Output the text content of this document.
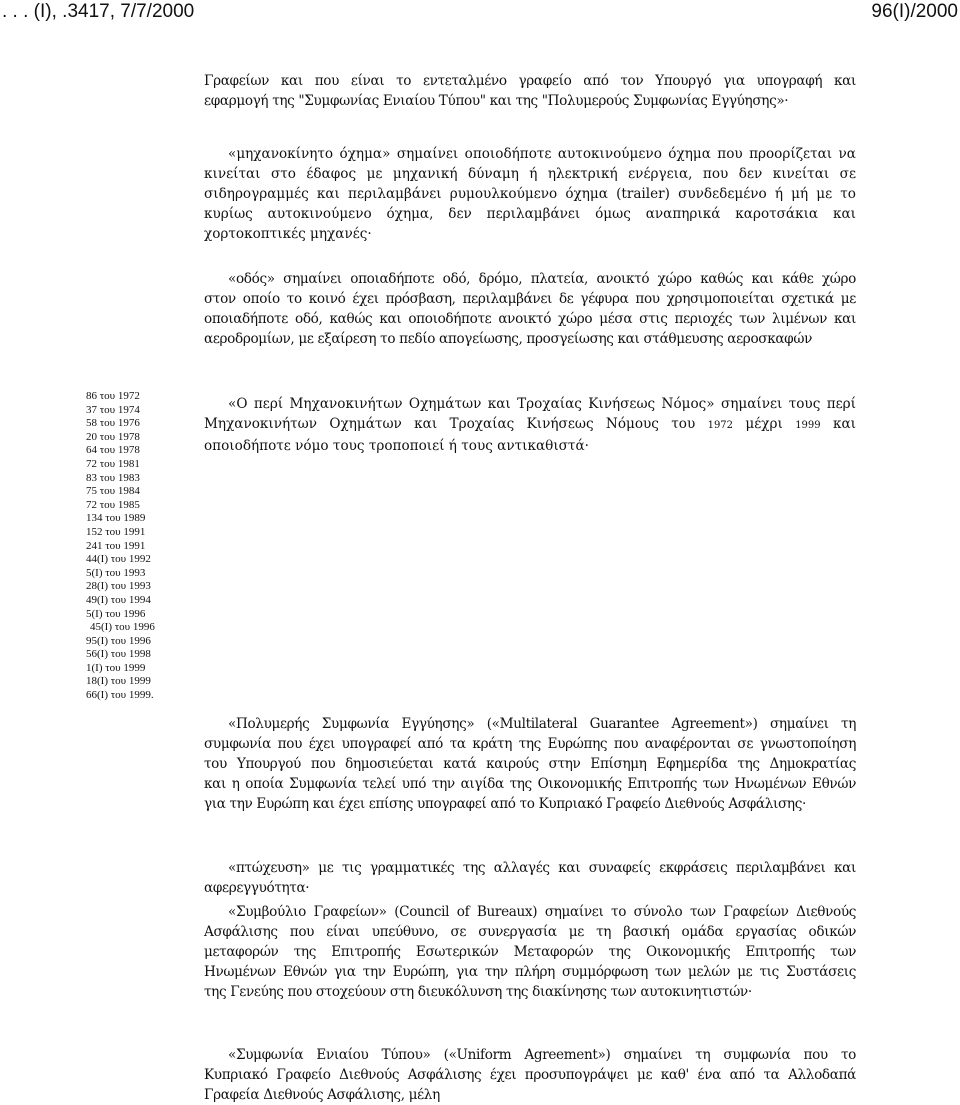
. . . (Ι), .3417, 7/7/2000	96(Ι)/2000
Γραφείων και που είναι το εντεταλμένο γραφείο από τον Υπουργό για υπογραφή και
εφαρμογή της "Συμφωνίας Ενιαίου Τύπου" και της "Πολυμερούς Συμφωνίας Εγγύησης»·
«μηχανοκίνητο όχημα» σημαίνει οποιοδήποτε αυτοκινούμενο όχημα που προορίζεται να
κινείται στο έδαφος με μηχανική δύναμη ή ηλεκτρική ενέργεια, που δεν κινείται σε
σιδηρογραμμές και περιλαμβάνει ρυμουλκούμενο όχημα (trailer) συνδεδεμένο ή μή με το
κυρίως αυτοκινούμενο όχημα, δεν περιλαμβάνει όμως αναπηρικά καροτσάκια και
χορτοκοπτικές μηχανές·
«οδός» σημαίνει οποιαδήποτε οδό, δρόμο, πλατεία, ανοικτό χώρο καθώς και κάθε χώρο
στον οποίο το κοινό έχει πρόσβαση, περιλαμβάνει δε γέφυρα που χρησιμοποιείται σχετικά με
οποιαδήποτε οδό, καθώς και οποιοδήποτε ανοικτό χώρο μέσα στις περιοχές των λιμένων και
αεροδρομίων, με εξαίρεση το πεδίο απογείωσης, προσγείωσης και στάθμευσης αεροσκαφών
86 του 1972
37 του 1974
58 του 1976
20 του 1978
64 του 1978
72 του 1981
83 του 1983
75 του 1984
72 του 1985
134 του 1989
152 του 1991
241 του 1991
44(Ι) του 1992
5(Ι) του 1993
28(Ι) του 1993
49(Ι) του 1994
5(Ι) του 1996
45(Ι) του 1996
95(Ι) του 1996
56(Ι) του 1998
1(Ι) του 1999
18(Ι) του 1999
66(Ι) του 1999.
«Ο περί Μηχανοκινήτων Οχημάτων και Τροχαίας Κινήσεως Νόμος» σημαίνει τους περί
Μηχανοκινήτων Οχημάτων και Τροχαίας Κινήσεως Νόμους του 1972 μέχρι 1999 και
οποιοδήποτε νόμο τους τροποποιεί ή τους αντικαθιστά·
«Πολυμερής Συμφωνία Εγγύησης» («Multilateral Guarantee Agreement») σημαίνει τη
συμφωνία που έχει υπογραφεί από τα κράτη της Ευρώπης που αναφέρονται σε γνωστοποίηση
του Υπουργού που δημοσιεύεται κατά καιρούς στην Επίσημη Εφημερίδα της Δημοκρατίας
και η οποία Συμφωνία τελεί υπό την αιγίδα της Οικονομικής Επιτροπής των Ηνωμένων Εθνών
για την Ευρώπη και έχει επίσης υπογραφεί από το Κυπριακό Γραφείο Διεθνούς Ασφάλισης·
«πτώχευση» με τις γραμματικές της αλλαγές και συναφείς εκφράσεις περιλαμβάνει και
αφερεγγυότητα·
«Συμβούλιο Γραφείων» (Council of Bureaux) σημαίνει το σύνολο των Γραφείων Διεθνούς
Ασφάλισης που είναι υπεύθυνο, σε συνεργασία με τη βασική ομάδα εργασίας οδικών
μεταφορών της Επιτροπής Εσωτερικών Μεταφορών της Οικονομικής Επιτροπής των
Ηνωμένων Εθνών για την Ευρώπη, για την πλήρη συμμόρφωση των μελών με τις Συστάσεις
της Γενεύης που στοχεύουν στη διευκόλυνση της διακίνησης των αυτοκινητιστών·
«Συμφωνία Ενιαίου Τύπου» («Uniform Agreement») σημαίνει τη συμφωνία που το
Κυπριακό Γραφείο Διεθνούς Ασφάλισης έχει προσυπογράψει με καθ' ένα από τα Αλλοδαπά
Γραφεία Διεθνούς Ασφάλισης, μέλη
